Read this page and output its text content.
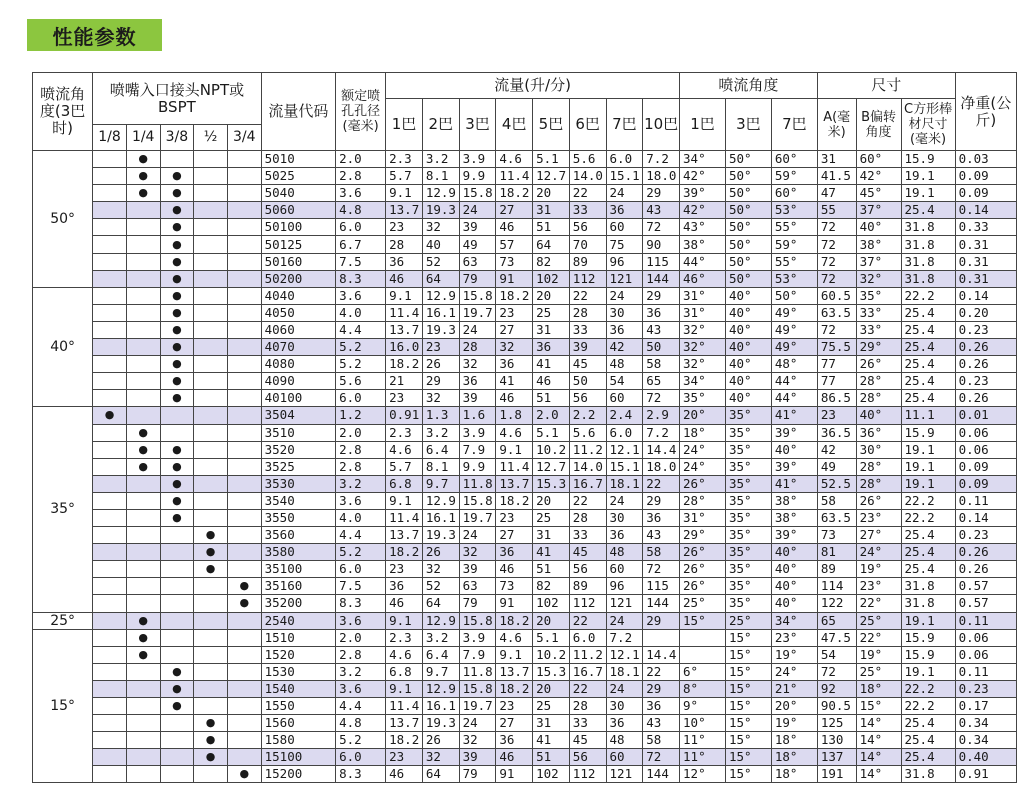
性能参数
喷流角度(3巴时)	喷嘴入口接头NPT或BSPT					流量代码	额定喷孔孔径(毫米)	流量(升/分)								喷流角度			尺寸			净重(公斤)
								1巴	2巴	3巴	4巴	5巴	6巴	7巴	10巴	1巴	3巴	7巴	A(毫米)	B偏转角度	C方形棒材尺寸(毫米)	
	1/8	1/4	3/8	½	3/4																	
50°		●				5010	2.0	2.3	3.2	3.9	4.6	5.1	5.6	6.0	7.2	34°	50°	60°	31	60°	15.9	0.03
		●	●			5025	2.8	5.7	8.1	9.9	11.4	12.7	14.0	15.1	18.0	42°	50°	59°	41.5	42°	19.1	0.09
		●	●			5040	3.6	9.1	12.9	15.8	18.2	20	22	24	29	39°	50°	60°	47	45°	19.1	0.09
			●			5060	4.8	13.7	19.3	24	27	31	33	36	43	42°	50°	53°	55	37°	25.4	0.14
			●			50100	6.0	23	32	39	46	51	56	60	72	43°	50°	55°	72	40°	31.8	0.33
			●			50125	6.7	28	40	49	57	64	70	75	90	38°	50°	59°	72	38°	31.8	0.31
			●			50160	7.5	36	52	63	73	82	89	96	115	44°	50°	55°	72	37°	31.8	0.31
			●			50200	8.3	46	64	79	91	102	112	121	144	46°	50°	53°	72	32°	31.8	0.31
40°			●			4040	3.6	9.1	12.9	15.8	18.2	20	22	24	29	31°	40°	50°	60.5	35°	22.2	0.14
			●			4050	4.0	11.4	16.1	19.7	23	25	28	30	36	31°	40°	49°	63.5	33°	25.4	0.20
			●			4060	4.4	13.7	19.3	24	27	31	33	36	43	32°	40°	49°	72	33°	25.4	0.23
			●			4070	5.2	16.0	23	28	32	36	39	42	50	32°	40°	49°	75.5	29°	25.4	0.26
			●			4080	5.2	18.2	26	32	36	41	45	48	58	32°	40°	48°	77	26°	25.4	0.26
			●			4090	5.6	21	29	36	41	46	50	54	65	34°	40°	44°	77	28°	25.4	0.23
			●			40100	6.0	23	32	39	46	51	56	60	72	35°	40°	44°	86.5	28°	25.4	0.26
35°	●					3504	1.2	0.91	1.3	1.6	1.8	2.0	2.2	2.4	2.9	20°	35°	41°	23	40°	11.1	0.01
		●				3510	2.0	2.3	3.2	3.9	4.6	5.1	5.6	6.0	7.2	18°	35°	39°	36.5	36°	15.9	0.06
		●	●			3520	2.8	4.6	6.4	7.9	9.1	10.2	11.2	12.1	14.4	24°	35°	40°	42	30°	19.1	0.06
		●	●			3525	2.8	5.7	8.1	9.9	11.4	12.7	14.0	15.1	18.0	24°	35°	39°	49	28°	19.1	0.09
			●			3530	3.2	6.8	9.7	11.8	13.7	15.3	16.7	18.1	22	26°	35°	41°	52.5	28°	19.1	0.09
			●			3540	3.6	9.1	12.9	15.8	18.2	20	22	24	29	28°	35°	38°	58	26°	22.2	0.11
			●			3550	4.0	11.4	16.1	19.7	23	25	28	30	36	31°	35°	38°	63.5	23°	22.2	0.14
				●		3560	4.4	13.7	19.3	24	27	31	33	36	43	29°	35°	39°	73	27°	25.4	0.23
				●		3580	5.2	18.2	26	32	36	41	45	48	58	26°	35°	40°	81	24°	25.4	0.26
				●		35100	6.0	23	32	39	46	51	56	60	72	26°	35°	40°	89	19°	25.4	0.26
					●	35160	7.5	36	52	63	73	82	89	96	115	26°	35°	40°	114	23°	31.8	0.57
					●	35200	8.3	46	64	79	91	102	112	121	144	25°	35°	40°	122	22°	31.8	0.57
25°		●				2540	3.6	9.1	12.9	15.8	18.2	20	22	24	29	15°	25°	34°	65	25°	19.1	0.11
15°		●				1510	2.0	2.3	3.2	3.9	4.6	5.1	6.0	7.2			15°	23°	47.5	22°	15.9	0.06
		●				1520	2.8	4.6	6.4	7.9	9.1	10.2	11.2	12.1	14.4		15°	19°	54	19°	15.9	0.06
			●			1530	3.2	6.8	9.7	11.8	13.7	15.3	16.7	18.1	22	6°	15°	24°	72	25°	19.1	0.11
			●			1540	3.6	9.1	12.9	15.8	18.2	20	22	24	29	8°	15°	21°	92	18°	22.2	0.23
			●			1550	4.4	11.4	16.1	19.7	23	25	28	30	36	9°	15°	20°	90.5	15°	22.2	0.17
				●		1560	4.8	13.7	19.3	24	27	31	33	36	43	10°	15°	19°	125	14°	25.4	0.34
				●		1580	5.2	18.2	26	32	36	41	45	48	58	11°	15°	18°	130	14°	25.4	0.34
				●		15100	6.0	23	32	39	46	51	56	60	72	11°	15°	18°	137	14°	25.4	0.40
					●	15200	8.3	46	64	79	91	102	112	121	144	12°	15°	18°	191	14°	31.8	0.91
